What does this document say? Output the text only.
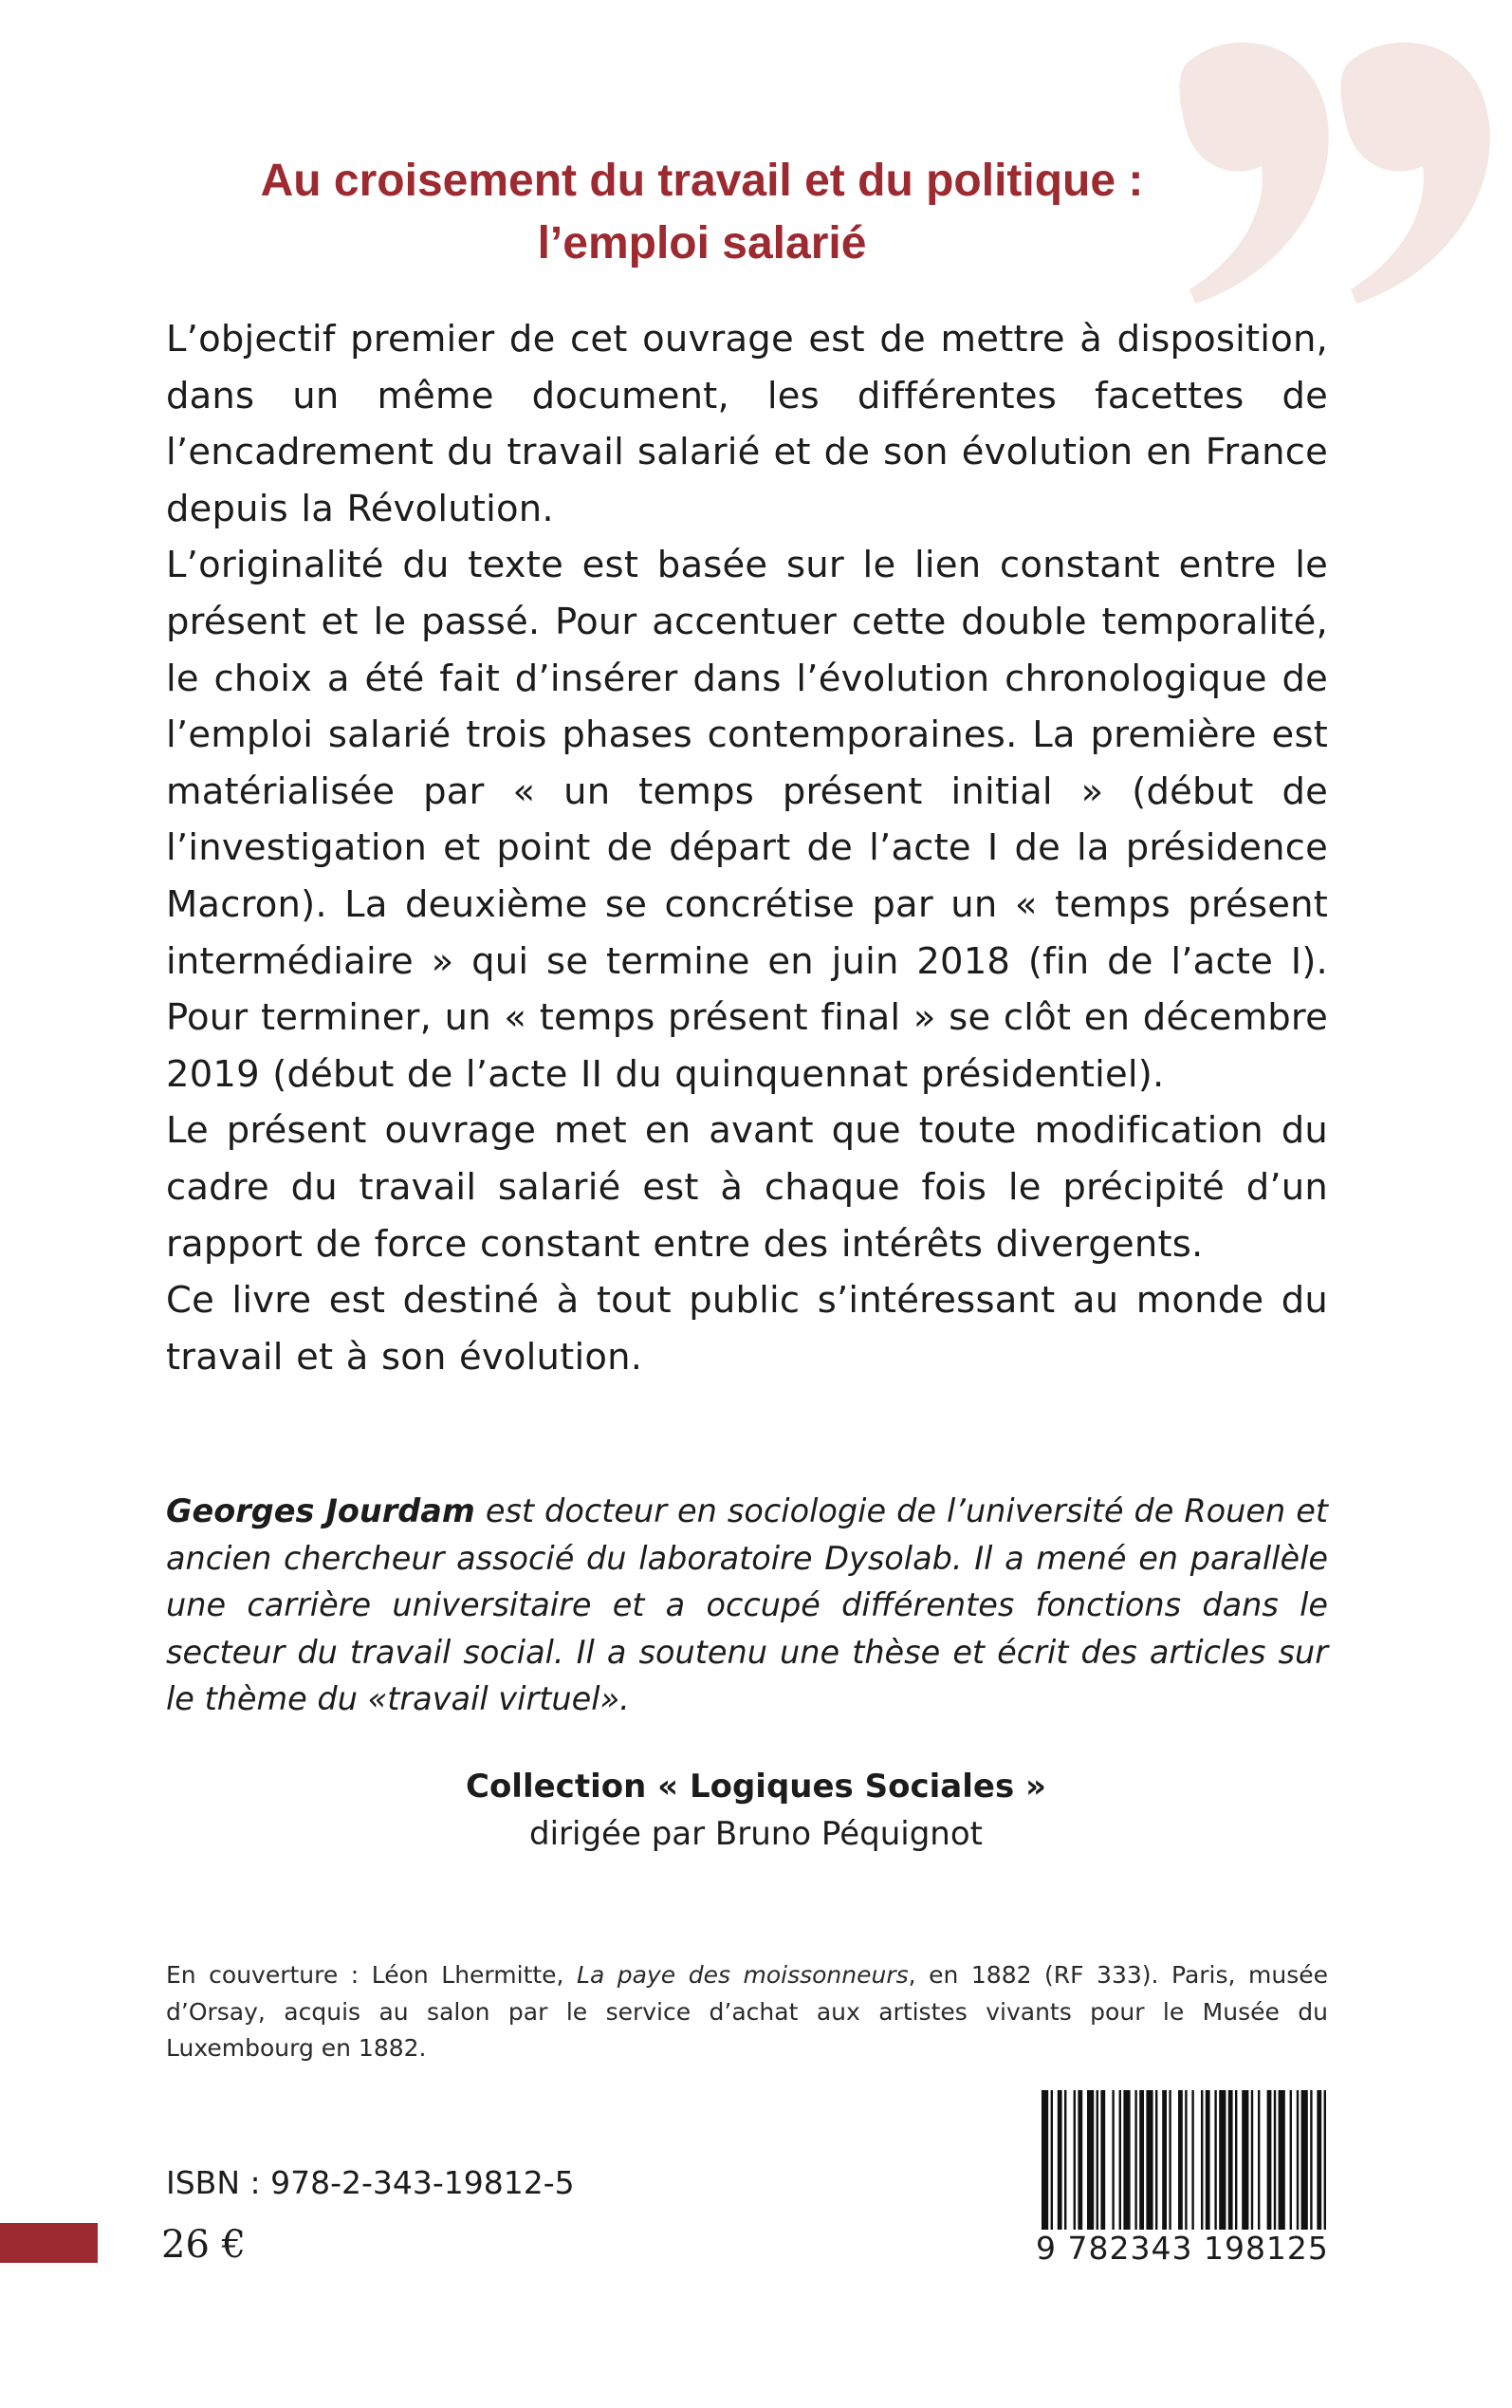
Au croisement du travail et du politique :
l’emploi salarié

L’objectif premier de cet ouvrage est de mettre à disposition, dans un même document, les différentes facettes de l’encadrement du travail salarié et de son évolution en France depuis la Révolution.

L’originalité du texte est basée sur le lien constant entre le présent et le passé. Pour accentuer cette double temporalité, le choix a été fait d’insérer dans l’évolution chronologique de l’emploi salarié trois phases contemporaines. La première est matérialisée par « un temps présent initial » (début de l’investigation et point de départ de l’acte I de la présidence Macron). La deuxième se concrétise par un « temps présent intermédiaire » qui se termine en juin 2018 (fin de l’acte I). Pour terminer, un « temps présent final » se clôt en décembre 2019 (début de l’acte II du quinquennat présidentiel).

Le présent ouvrage met en avant que toute modification du cadre du travail salarié est à chaque fois le précipité d’un rapport de force constant entre des intérêts divergents.

Ce livre est destiné à tout public s’intéressant au monde du travail et à son évolution.

Georges Jourdam est docteur en sociologie de l’université de Rouen et ancien chercheur associé du laboratoire Dysolab. Il a mené en parallèle une carrière universitaire et a occupé différentes fonctions dans le secteur du travail social. Il a soutenu une thèse et écrit des articles sur le thème du «travail virtuel».

Collection « Logiques Sociales »
dirigée par Bruno Péquignot

En couverture : Léon Lhermitte, La paye des moissonneurs, en 1882 (RF 333). Paris, musée d’Orsay, acquis au salon par le service d’achat aux artistes vivants pour le Musée du Luxembourg en 1882.

ISBN : 978-2-343-19812-5
26 €	9 782343 198125
